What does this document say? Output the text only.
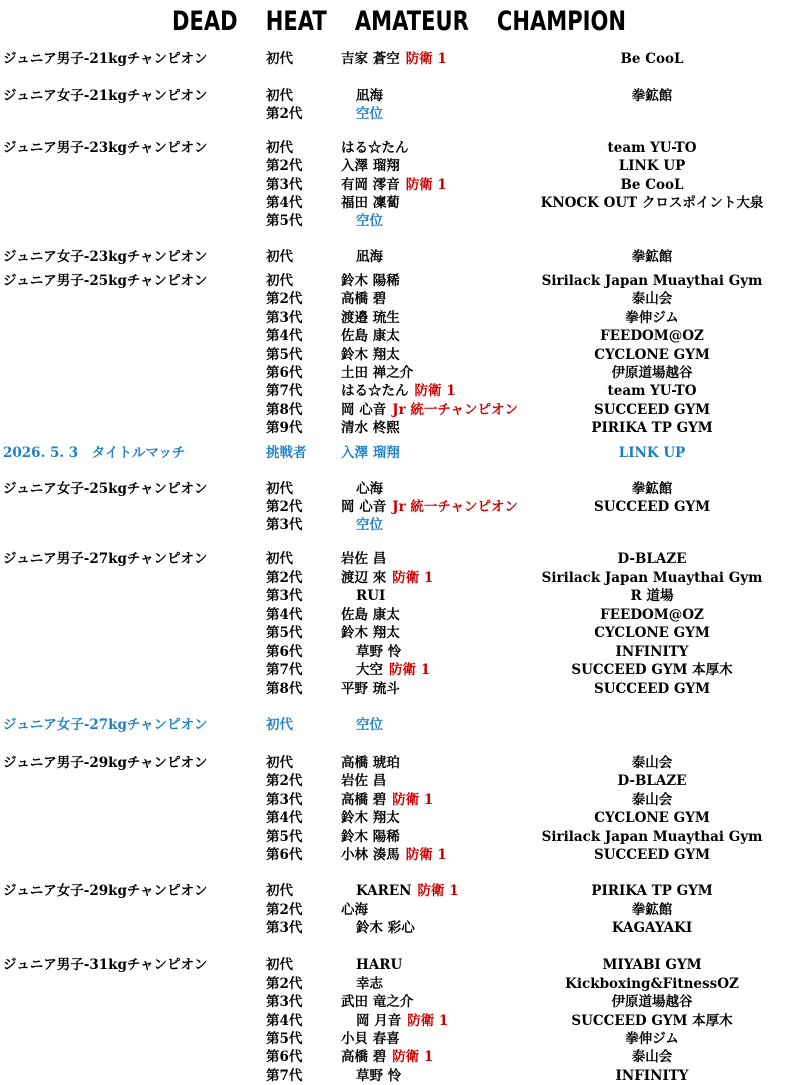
DEAD HEAT AMATEUR CHAMPION
ジュニア男子-21kgチャンピオン	初代	吉家 蒼空 防衛 1	Be CooL
ジュニア女子-21kgチャンピオン	初代	凪海	拳鉱館
第2代	空位
ジュニア男子-23kgチャンピオン	初代	はる☆たん	team YU-TO
第2代	入澤 瑠翔	LINK UP
第3代	有岡 澪音 防衛 1	Be CooL
第4代	福田 凜蔔	KNOCK OUT クロスポイント大泉
第5代	空位
ジュニア女子-23kgチャンピオン	初代	凪海	拳鉱館
ジュニア男子-25kgチャンピオン	初代	鈴木 陽稀	Sirilack Japan Muaythai Gym
第2代	高橋 碧	泰山会
第3代	渡邉 琉生	拳伸ジム
第4代	佐島 康太	FEEDOM@OZ
第5代	鈴木 翔太	CYCLONE GYM
第6代	土田 禅之介	伊原道場越谷
第7代	はる☆たん 防衛 1	team YU-TO
第8代	岡 心音 Jr 統一チャンピオン	SUCCEED GYM
第9代	清水 柊熙	PIRIKA TP GYM
2026. 5. 3　タイトルマッチ	挑戦者	入澤 瑠翔	LINK UP
ジュニア女子-25kgチャンピオン	初代	心海	拳鉱館
第2代	岡 心音 Jr 統一チャンピオン	SUCCEED GYM
第3代	空位
ジュニア男子-27kgチャンピオン	初代	岩佐 昌	D-BLAZE
第2代	渡辺 來 防衛 1	Sirilack Japan Muaythai Gym
第3代	RUI	R 道場
第4代	佐島 康太	FEEDOM@OZ
第5代	鈴木 翔太	CYCLONE GYM
第6代	草野 怜	INFINITY
第7代	大空 防衛 1	SUCCEED GYM 本厚木
第8代	平野 琉斗	SUCCEED GYM
ジュニア女子-27kgチャンピオン	初代	空位
ジュニア男子-29kgチャンピオン	初代	高橋 琥珀	泰山会
第2代	岩佐 昌	D-BLAZE
第3代	高橋 碧 防衛 1	泰山会
第4代	鈴木 翔太	CYCLONE GYM
第5代	鈴木 陽稀	Sirilack Japan Muaythai Gym
第6代	小林 湊馬 防衛 1	SUCCEED GYM
ジュニア女子-29kgチャンピオン	初代	KAREN 防衛 1	PIRIKA TP GYM
第2代	心海	拳鉱館
第3代	鈴木 彩心	KAGAYAKI
ジュニア男子-31kgチャンピオン	初代	HARU	MIYABI GYM
第2代	幸志	Kickboxing&FitnessOZ
第3代	武田 竜之介	伊原道場越谷
第4代	岡 月音 防衛 1	SUCCEED GYM 本厚木
第5代	小貝 春喜	拳伸ジム
第6代	高橋 碧 防衛 1	泰山会
第7代	草野 怜	INFINITY
